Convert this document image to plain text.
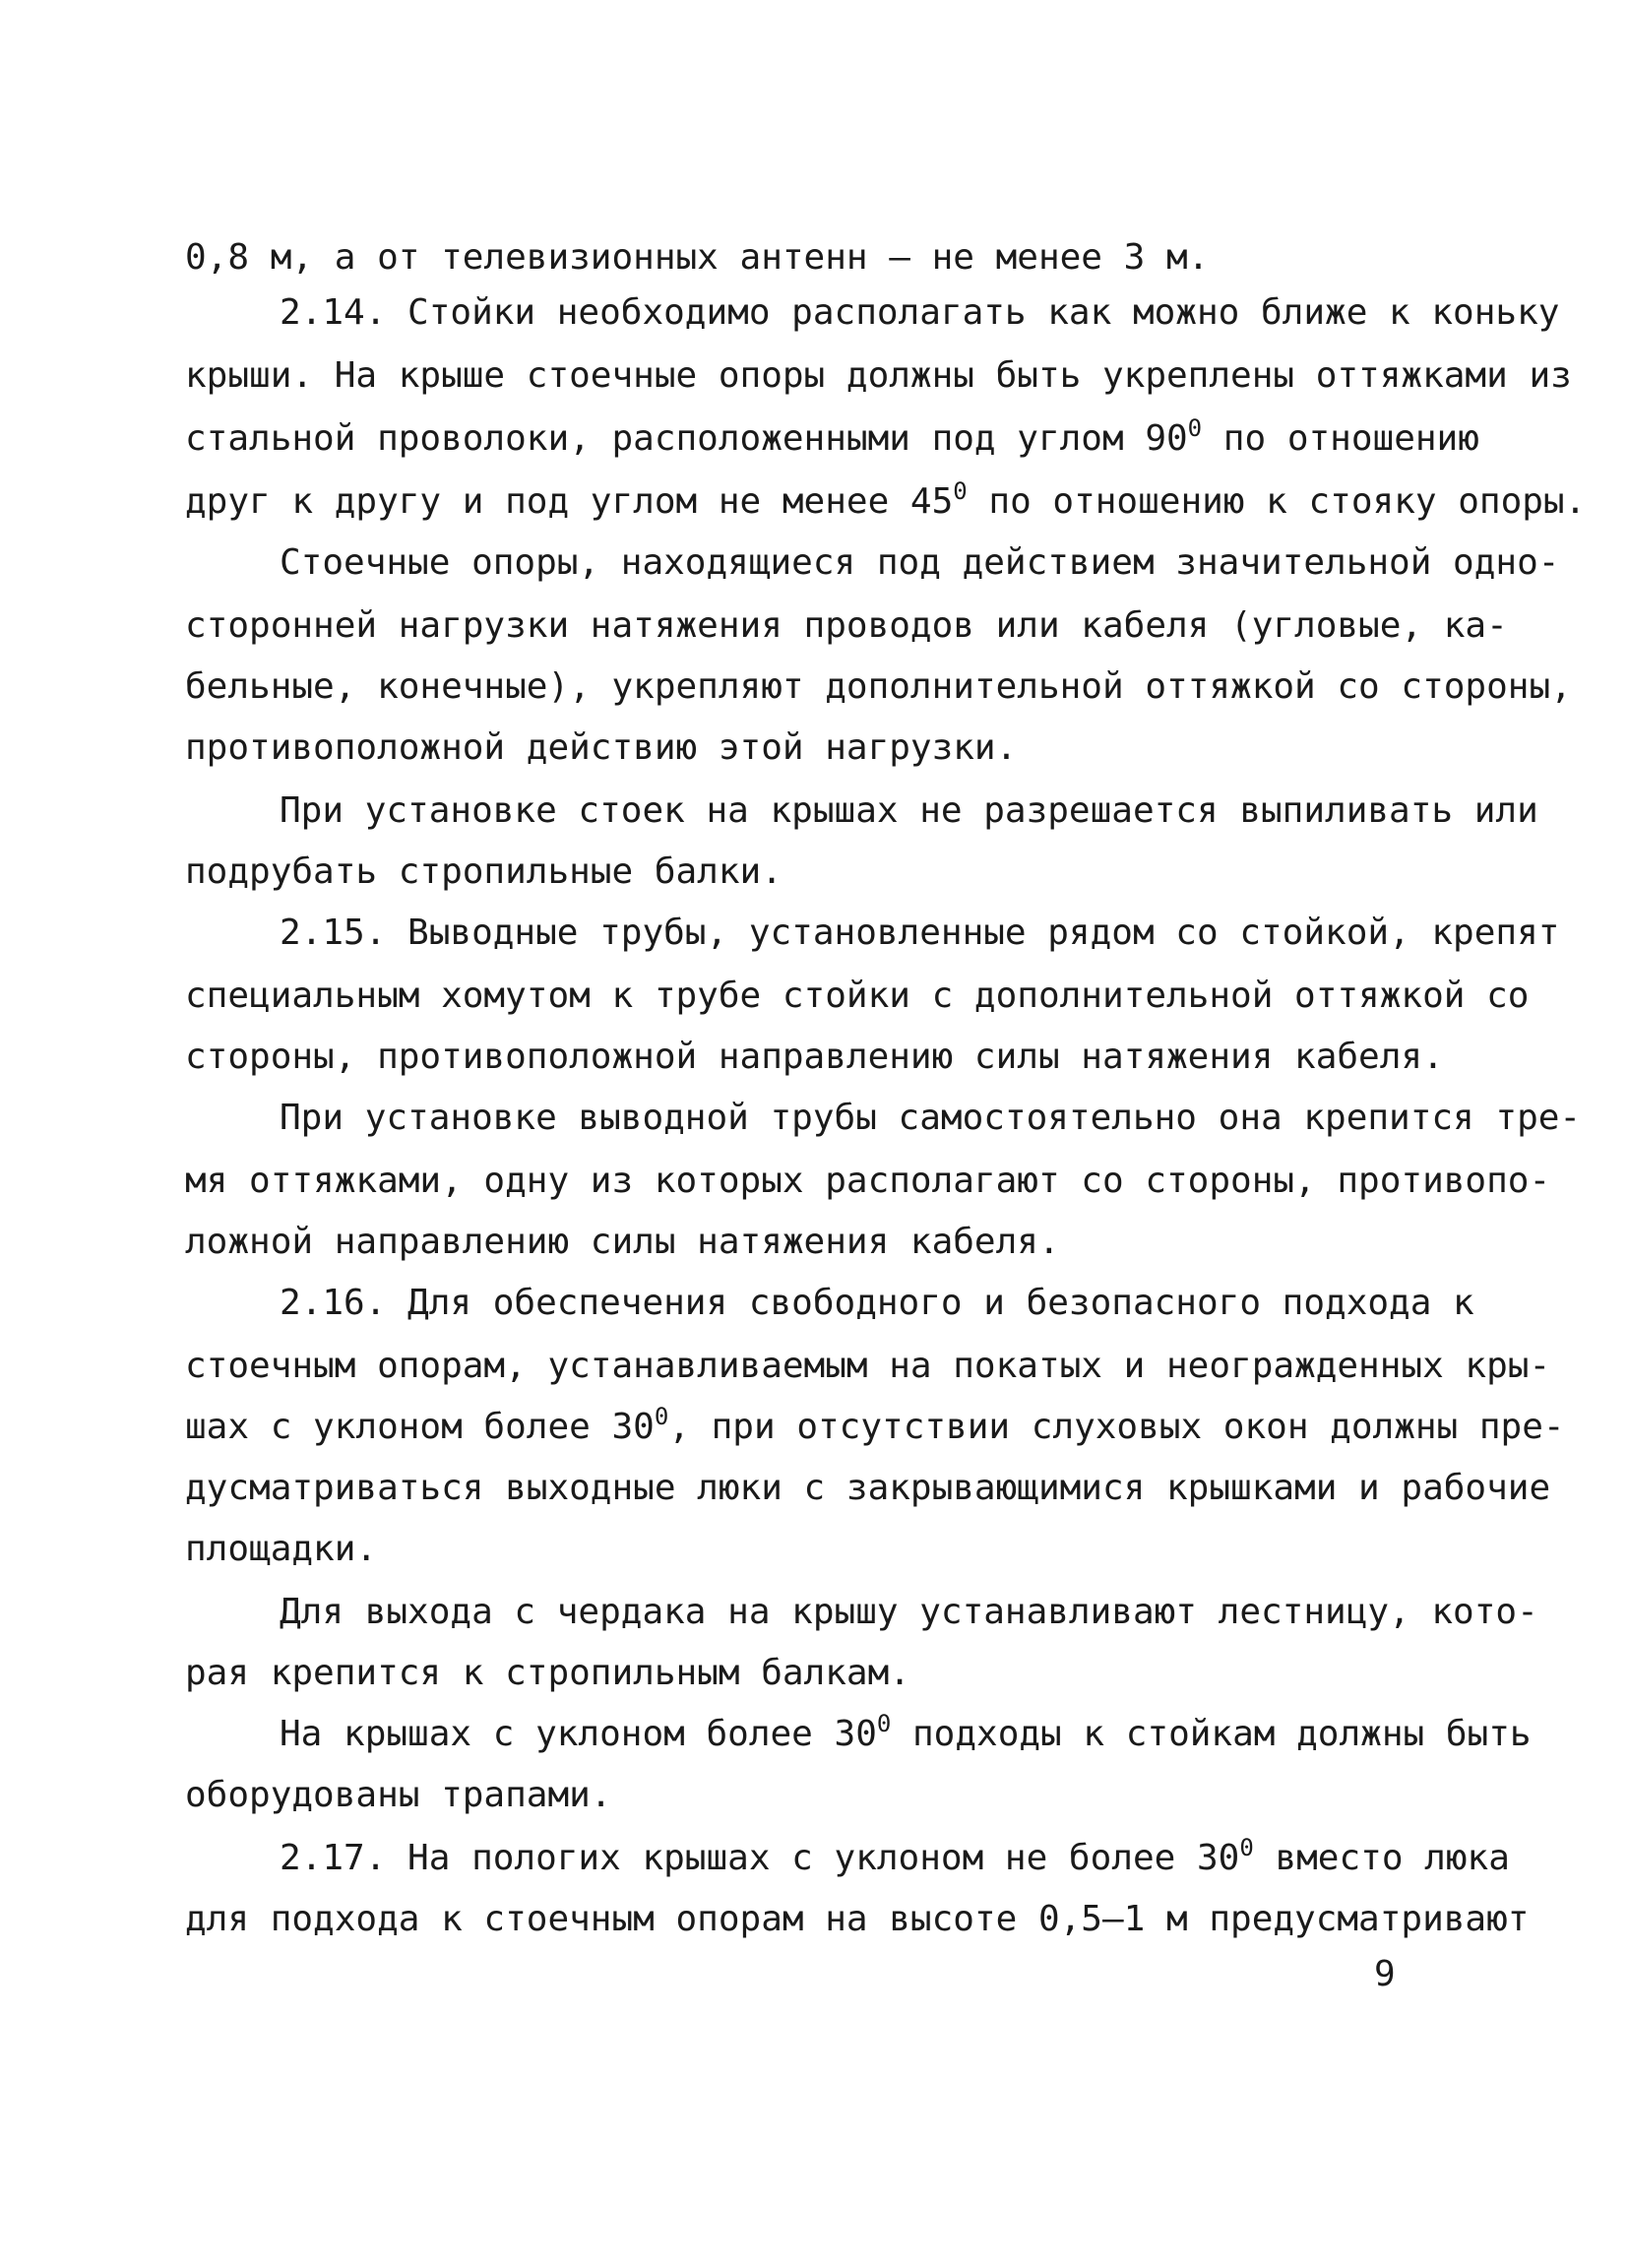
0,8 м, а от телевизионных антенн – не менее 3 м.
2.14. Стойки необходимо располагать как можно ближе к коньку
крыши. На крыше стоечные опоры должны быть укреплены оттяжками из
стальной проволоки, расположенными под углом $90^0$ по отношению
друг к другу и под углом не менее $45^0$ по отношению к стояку опоры.
Стоечные опоры, находящиеся под действием значительной одно-
сторонней нагрузки натяжения проводов или кабеля (угловые, ка-
бельные, конечные), укрепляют дополнительной оттяжкой со стороны,
противоположной действию этой нагрузки.
При установке стоек на крышах не разрешается выпиливать или
подрубать стропильные балки.
2.15. Выводные трубы, установленные рядом со стойкой, крепят
специальным хомутом к трубе стойки с дополнительной оттяжкой со
стороны, противоположной направлению силы натяжения кабеля.
При установке выводной трубы самостоятельно она крепится тре-
мя оттяжками, одну из которых располагают со стороны, противопо-
ложной направлению силы натяжения кабеля.
2.16. Для обеспечения свободного и безопасного подхода к
стоечным опорам, устанавливаемым на покатых и неогражденных кры-
шах с уклоном более $30^0$, при отсутствии слуховых окон должны пре-
дусматриваться выходные люки с закрывающимися крышками и рабочие
площадки.
Для выхода с чердака на крышу устанавливают лестницу, кото-
рая крепится к стропильным балкам.
На крышах с уклоном более $30^0$ подходы к стойкам должны быть
оборудованы трапами.
2.17. На пологих крышах с уклоном не более $30^0$ вместо люка
для подхода к стоечным опорам на высоте 0,5–1 м предусматривают
9
